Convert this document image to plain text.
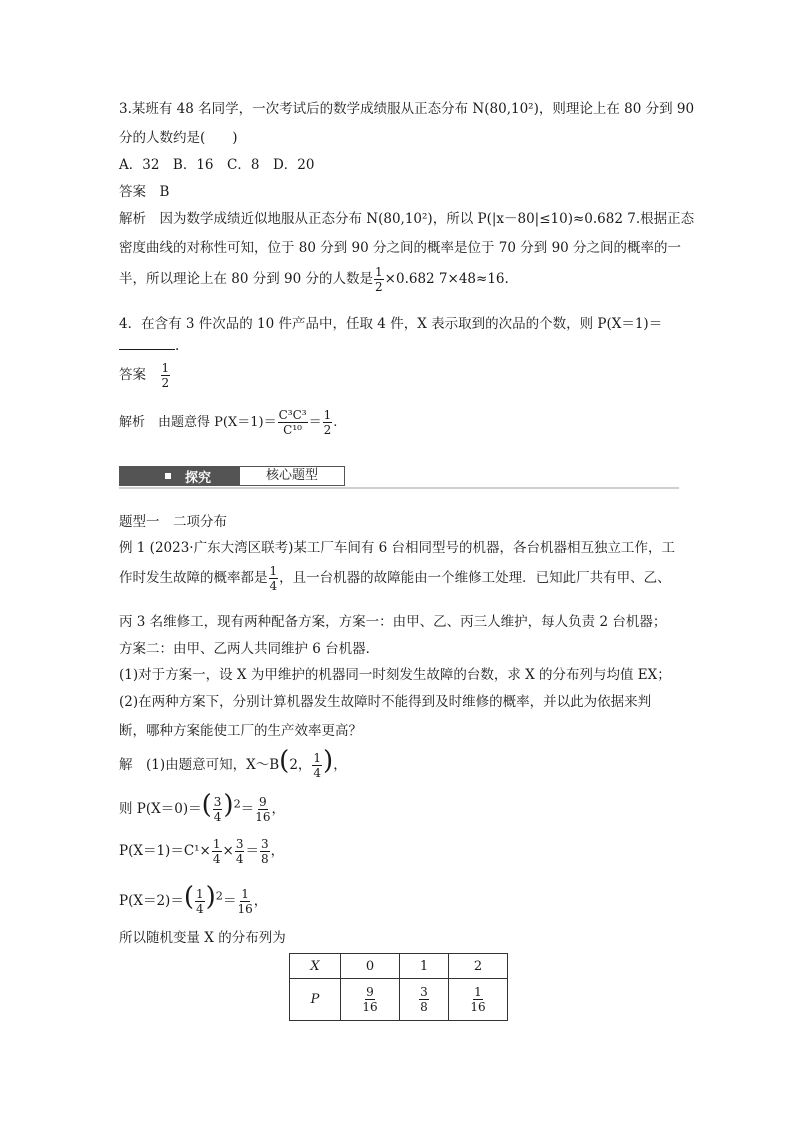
3.某班有 48 名同学，一次考试后的数学成绩服从正态分布 N(80,10²)，则理论上在 80 分到 90
分的人数约是(　　)
A．32　B．16　C．8　D．20
答案　 B
解析　 因为数学成绩近似地服从正态分布 N(80,10²)，所以 P(|x－80|≤10)≈0.682 7.根据正态
密度曲线的对称性可知，位于 80 分到 90 分之间的概率是位于 70 分到 90 分之间的概率的一
半，所以理论上在 80 分到 90 分的人数是 $\frac{1}{2} \times 0.682$ 7×48≈16.
4．在含有 3 件次品的 10 件产品中，任取 4 件，X 表示取到的次品的个数，则 P(X＝1)＝
.
答案　 $\frac{1}{2}$
解析　 由题意得 $P(X=1)= \frac{\text{C³C³}}{\text{C¹⁰}} = \frac{1}{2}$ .
探究	核心题型
题型一　二项分布
例 1 (2023·广东大湾区联考)某工厂车间有 6 台相同型号的机器，各台机器相互独立工作，工
作时发生故障的概率都是 $\frac{1}{4}$ ，且一台机器的故障能由一个维修工处理．已知此厂共有甲、乙、
丙 3 名维修工，现有两种配备方案，方案一：由甲、乙、丙三人维护，每人负责 2 台机器；
方案二：由甲、乙两人共同维护 6 台机器．
(1)对于方案一，设 X 为甲维护的机器同一时刻发生故障的台数，求 X 的分布列与均值 EX；
(2)在两种方案下，分别计算机器发生故障时不能得到及时维修的概率，并以此为依据来判
断，哪种方案能使工厂的生产效率更高？
解　 (1)由题意可知，X～B(2， $\frac{1}{4}$ )，
则 $P(X=0)=( \frac{3}{4} )^2= \frac{9}{16}$ ，
$P(X=1)=C^1\times \frac{1}{4} \times \frac{3}{4} = \frac{3}{8}$ ，
$P(X=2)=( \frac{1}{4} )^2= \frac{1}{16}$ ，
所以随机变量 X 的分布列为
X	0	1	2
P	$\frac{9}{16}$	$\frac{3}{8}$	$\frac{1}{16}$
